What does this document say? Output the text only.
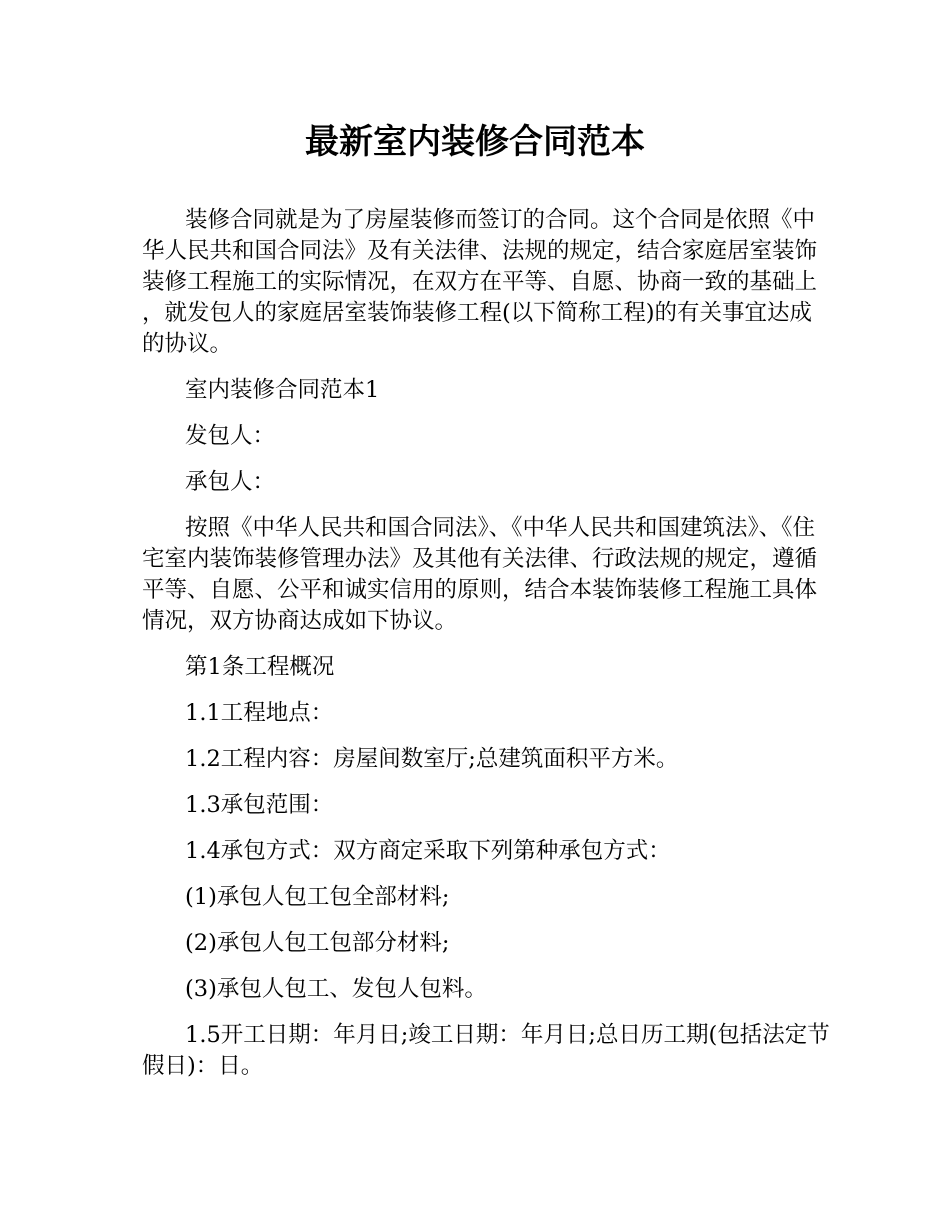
最新室内装修合同范本

装修合同就是为了房屋装修而签订的合同。这个合同是依照《中华人民共和国合同法》及有关法律、法规的规定，结合家庭居室装饰装修工程施工的实际情况，在双方在平等、自愿、协商一致的基础上，就发包人的家庭居室装饰装修工程(以下简称工程)的有关事宜达成的协议。

室内装修合同范本1

发包人：

承包人：

按照《中华人民共和国合同法》、《中华人民共和国建筑法》、《住宅室内装饰装修管理办法》及其他有关法律、行政法规的规定，遵循平等、自愿、公平和诚实信用的原则，结合本装饰装修工程施工具体情况，双方协商达成如下协议。

第1条工程概况

1.1工程地点：

1.2工程内容：房屋间数室厅;总建筑面积平方米。

1.3承包范围：

1.4承包方式：双方商定采取下列第种承包方式：

(1)承包人包工包全部材料;

(2)承包人包工包部分材料;

(3)承包人包工、发包人包料。

1.5开工日期：年月日;竣工日期：年月日;总日历工期(包括法定节假日)：日。
